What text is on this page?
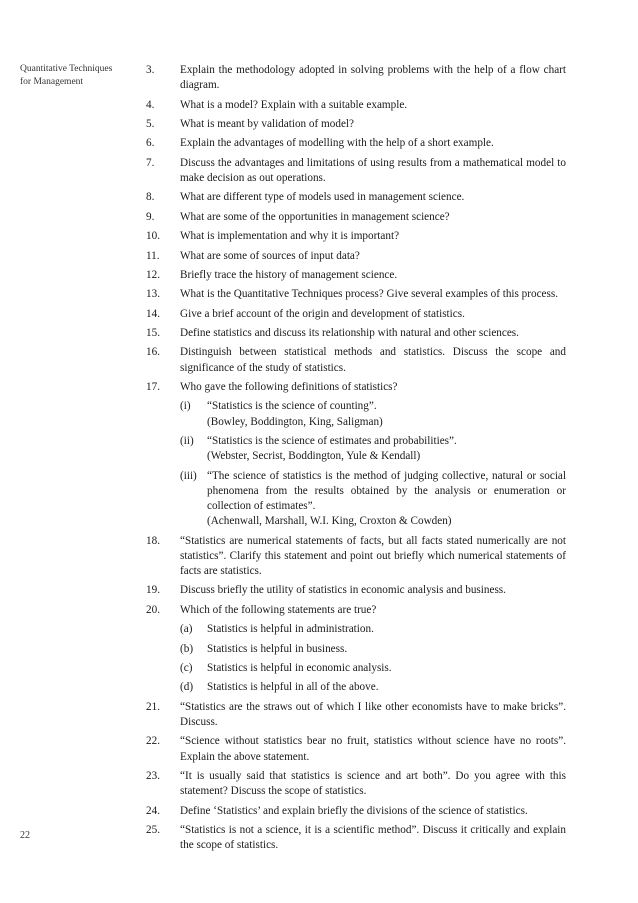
Quantitative Techniques
for Management
22
3.	Explain the methodology adopted in solving problems with the help of a flow chart diagram.
4.	What is a model? Explain with a suitable example.
5.	What is meant by validation of model?
6.	Explain the advantages of modelling with the help of a short example.
7.	Discuss the advantages and limitations of using results from a mathematical model to make decision as out operations.
8.	What are different type of models used in management science.
9.	What are some of the opportunities in management science?
10.	What is implementation and why it is important?
11.	What are some of sources of input data?
12.	Briefly trace the history of management science.
13.	What is the Quantitative Techniques process? Give several examples of this process.
14.	Give a brief account of the origin and development of statistics.
15.	Define statistics and discuss its relationship with natural and other sciences.
16.	Distinguish between statistical methods and statistics. Discuss the scope and significance of the study of statistics.
17.	Who gave the following definitions of statistics?
(i)	“Statistics is the science of counting”.
(Bowley, Boddington, King, Saligman)
(ii)	“Statistics is the science of estimates and probabilities”.
(Webster, Secrist, Boddington, Yule & Kendall)
(iii) “The science of statistics is the method of judging collective, natural or social phenomena from the results obtained by the analysis or enumeration or collection of estimates”.
(Achenwall, Marshall, W.I. King, Croxton & Cowden)
18.	“Statistics are numerical statements of facts, but all facts stated numerically are not statistics”. Clarify this statement and point out briefly which numerical statements of facts are statistics.
19.	Discuss briefly the utility of statistics in economic analysis and business.
20.	Which of the following statements are true?
(a)	Statistics is helpful in administration.
(b)	Statistics is helpful in business.
(c)	Statistics is helpful in economic analysis.
(d)	Statistics is helpful in all of the above.
21.	“Statistics are the straws out of which I like other economists have to make bricks”. Discuss.
22.	“Science without statistics bear no fruit, statistics without science have no roots”. Explain the above statement.
23.	“It is usually said that statistics is science and art both”. Do you agree with this statement? Discuss the scope of statistics.
24.	Define ‘Statistics’ and explain briefly the divisions of the science of statistics.
25.	“Statistics is not a science, it is a scientific method”. Discuss it critically and explain the scope of statistics.
